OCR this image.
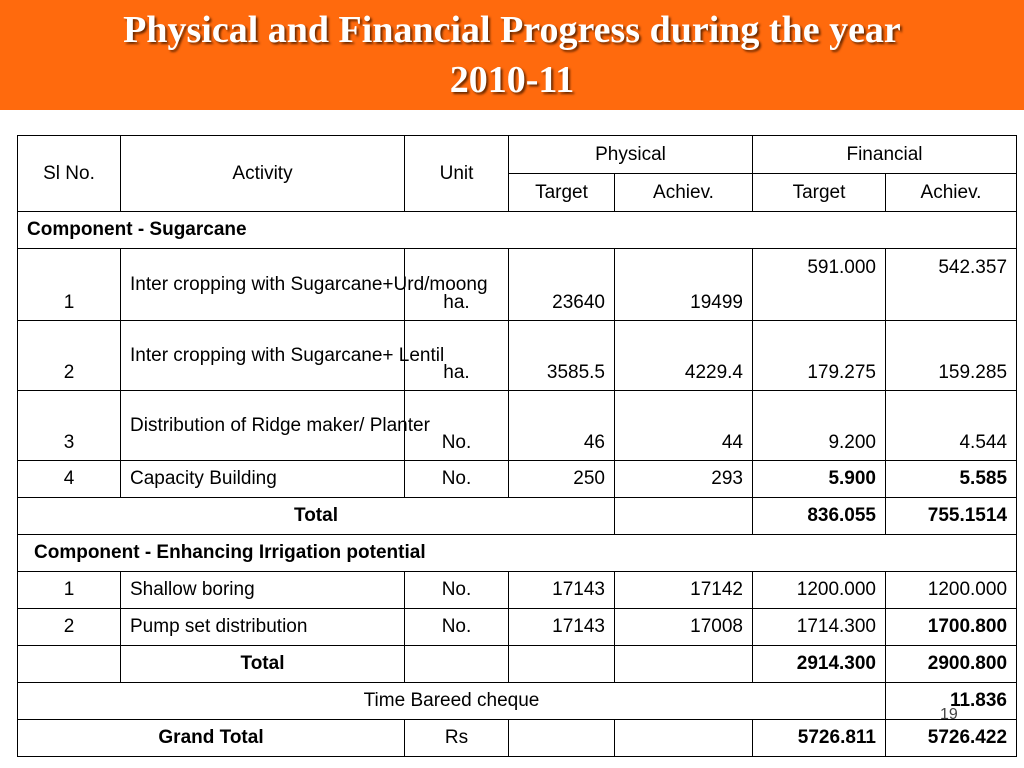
Physical and Financial Progress during the year
2010-11
Sl No.	Activity	Unit	Physical		Financial	
			Target	Achiev.	Target	Achiev.
Component - Sugarcane						
1	Inter cropping with Sugarcane+Urd/moong	ha.	23640	19499	591.000	542.357
2	Inter cropping with Sugarcane+ Lentil	ha.	3585.5	4229.4	179.275	159.285
3	Distribution of Ridge maker/ Planter	No.	46	44	9.200	4.544
4	Capacity Building	No.	250	293	5.900	5.585
Total					836.055	755.1514
Component - Enhancing Irrigation potential						
1	Shallow boring	No.	17143	17142	1200.000	1200.000
2	Pump set distribution	No.	17143	17008	1714.300	1700.800
	Total				2914.300	2900.800
Time Bareed cheque						11.836
Grand Total		Rs			5726.811	5726.422
19
